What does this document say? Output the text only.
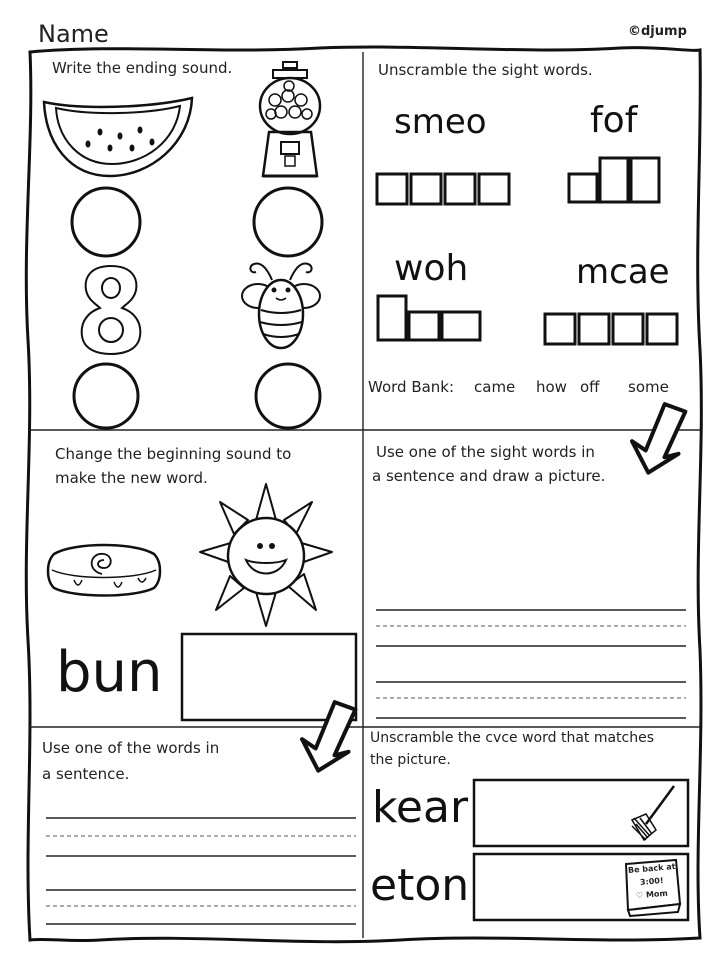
Name	©djump
Write the ending sound.	Unscramble the sight words.
smeo	fof
woh	mcae
Word Bank: came how off some
Change the beginning sound to
make the new word.
bun
Use one of the sight words in
a sentence and draw a picture.
Use one of the words in
a sentence.
Unscramble the cvce word that matches
the picture.
kear
eton	Be back at
3:00!
♡ Mom
